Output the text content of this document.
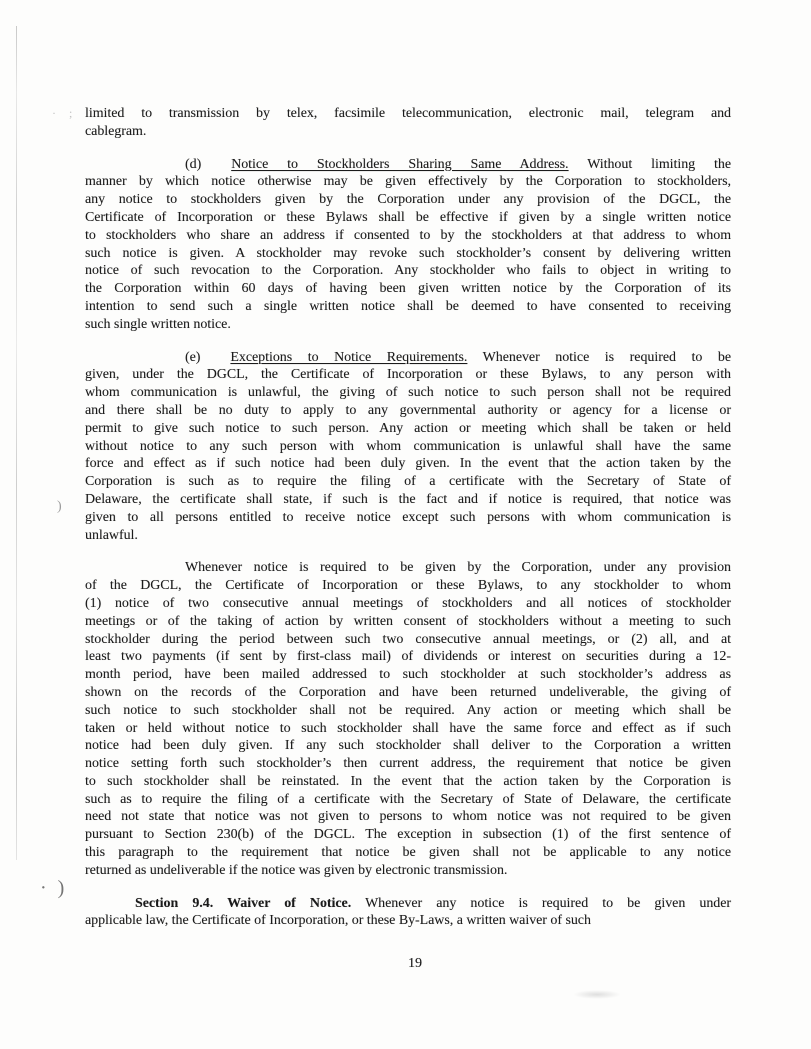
· ;
)
· )
limited to transmission by telex, facsimile telecommunication, electronic mail, telegram and
cablegram.
(d) Notice to Stockholders Sharing Same Address. Without limiting the
manner by which notice otherwise may be given effectively by the Corporation to stockholders,
any notice to stockholders given by the Corporation under any provision of the DGCL, the
Certificate of Incorporation or these Bylaws shall be effective if given by a single written notice
to stockholders who share an address if consented to by the stockholders at that address to whom
such notice is given. A stockholder may revoke such stockholder’s consent by delivering written
notice of such revocation to the Corporation. Any stockholder who fails to object in writing to
the Corporation within 60 days of having been given written notice by the Corporation of its
intention to send such a single written notice shall be deemed to have consented to receiving
such single written notice.
(e) Exceptions to Notice Requirements. Whenever notice is required to be
given, under the DGCL, the Certificate of Incorporation or these Bylaws, to any person with
whom communication is unlawful, the giving of such notice to such person shall not be required
and there shall be no duty to apply to any governmental authority or agency for a license or
permit to give such notice to such person. Any action or meeting which shall be taken or held
without notice to any such person with whom communication is unlawful shall have the same
force and effect as if such notice had been duly given. In the event that the action taken by the
Corporation is such as to require the filing of a certificate with the Secretary of State of
Delaware, the certificate shall state, if such is the fact and if notice is required, that notice was
given to all persons entitled to receive notice except such persons with whom communication is
unlawful.
Whenever notice is required to be given by the Corporation, under any provision
of the DGCL, the Certificate of Incorporation or these Bylaws, to any stockholder to whom
(1) notice of two consecutive annual meetings of stockholders and all notices of stockholder
meetings or of the taking of action by written consent of stockholders without a meeting to such
stockholder during the period between such two consecutive annual meetings, or (2) all, and at
least two payments (if sent by first-class mail) of dividends or interest on securities during a 12-
month period, have been mailed addressed to such stockholder at such stockholder’s address as
shown on the records of the Corporation and have been returned undeliverable, the giving of
such notice to such stockholder shall not be required. Any action or meeting which shall be
taken or held without notice to such stockholder shall have the same force and effect as if such
notice had been duly given. If any such stockholder shall deliver to the Corporation a written
notice setting forth such stockholder’s then current address, the requirement that notice be given
to such stockholder shall be reinstated. In the event that the action taken by the Corporation is
such as to require the filing of a certificate with the Secretary of State of Delaware, the certificate
need not state that notice was not given to persons to whom notice was not required to be given
pursuant to Section 230(b) of the DGCL. The exception in subsection (1) of the first sentence of
this paragraph to the requirement that notice be given shall not be applicable to any notice
returned as undeliverable if the notice was given by electronic transmission.
Section 9.4. Waiver of Notice. Whenever any notice is required to be given under
applicable law, the Certificate of Incorporation, or these By-Laws, a written waiver of such
19
